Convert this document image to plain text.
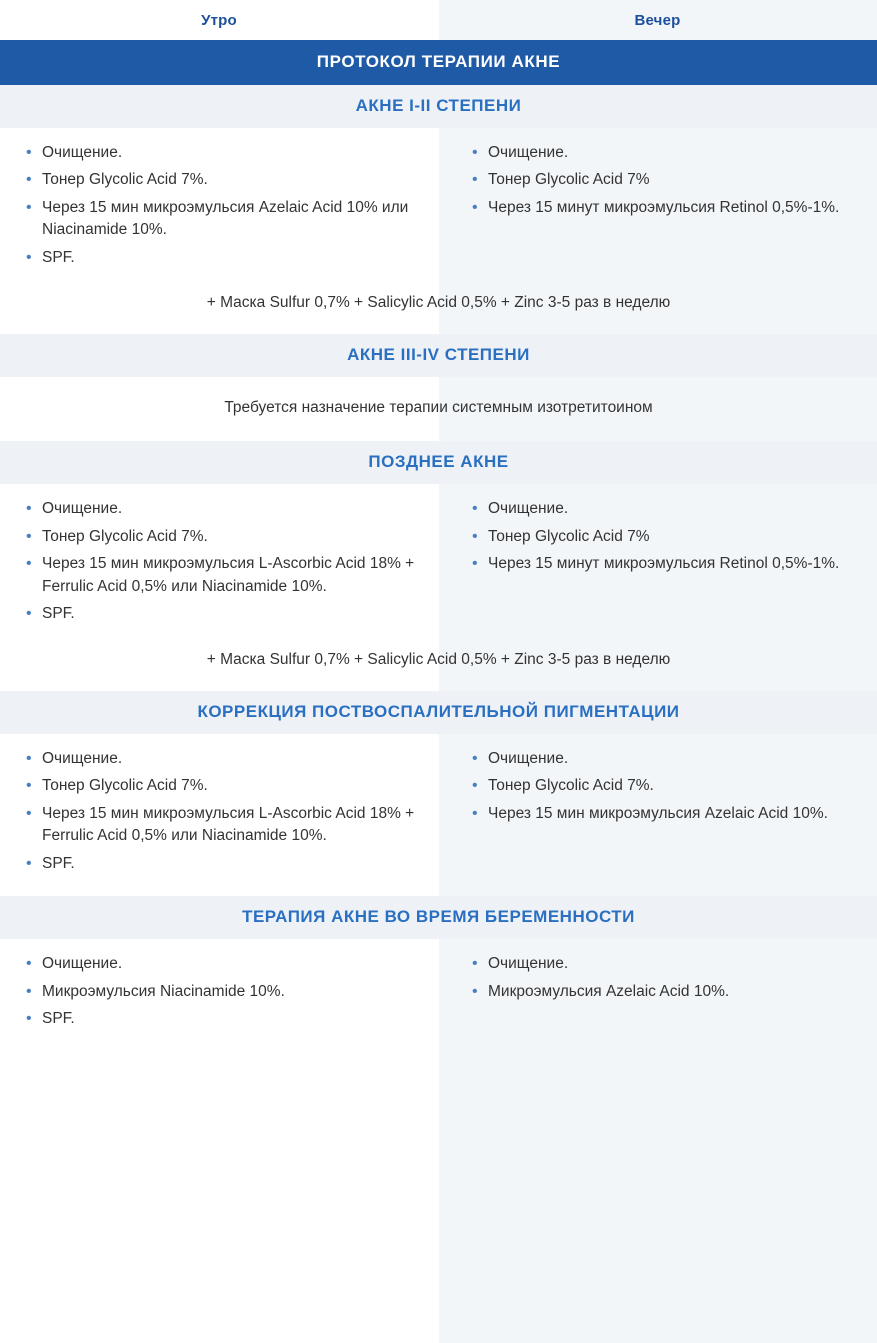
Утро	Вечер
ПРОТОКОЛ ТЕРАПИИ АКНЕ
АКНЕ I-II СТЕПЕНИ
• Очищение.
• Тонер Glycolic Acid 7%.
• Через 15 мин микроэмульсия Azelaic Acid 10% или Niacinamide 10%.
• SPF.
• Очищение.
• Тонер Glycolic Acid 7%
• Через 15 минут микроэмульсия Retinol 0,5%-1%.
+ Маска Sulfur 0,7% + Salicylic Acid 0,5% + Zinc 3-5 раз в неделю
АКНЕ III-IV СТЕПЕНИ
Требуется назначение терапии системным изотретитоином
ПОЗДНЕЕ АКНЕ
• Очищение.
• Тонер Glycolic Acid 7%.
• Через 15 мин микроэмульсия L-Ascorbic Acid 18% + Ferrulic Acid 0,5% или Niacinamide 10%.
• SPF.
• Очищение.
• Тонер Glycolic Acid 7%
• Через 15 минут микроэмульсия Retinol 0,5%-1%.
+ Маска Sulfur 0,7% + Salicylic Acid 0,5% + Zinc 3-5 раз в неделю
КОРРЕКЦИЯ ПОСТВОСПАЛИТЕЛЬНОЙ ПИГМЕНТАЦИИ
• Очищение.
• Тонер Glycolic Acid 7%.
• Через 15 мин микроэмульсия L-Ascorbic Acid 18% + Ferrulic Acid 0,5% или Niacinamide 10%.
• SPF.
• Очищение.
• Тонер Glycolic Acid 7%.
• Через 15 мин микроэмульсия Azelaic Acid 10%.
ТЕРАПИЯ АКНЕ ВО ВРЕМЯ БЕРЕМЕННОСТИ
• Очищение.
• Микроэмульсия Niacinamide 10%.
• SPF.
• Очищение.
• Микроэмульсия Azelaic Acid 10%.
